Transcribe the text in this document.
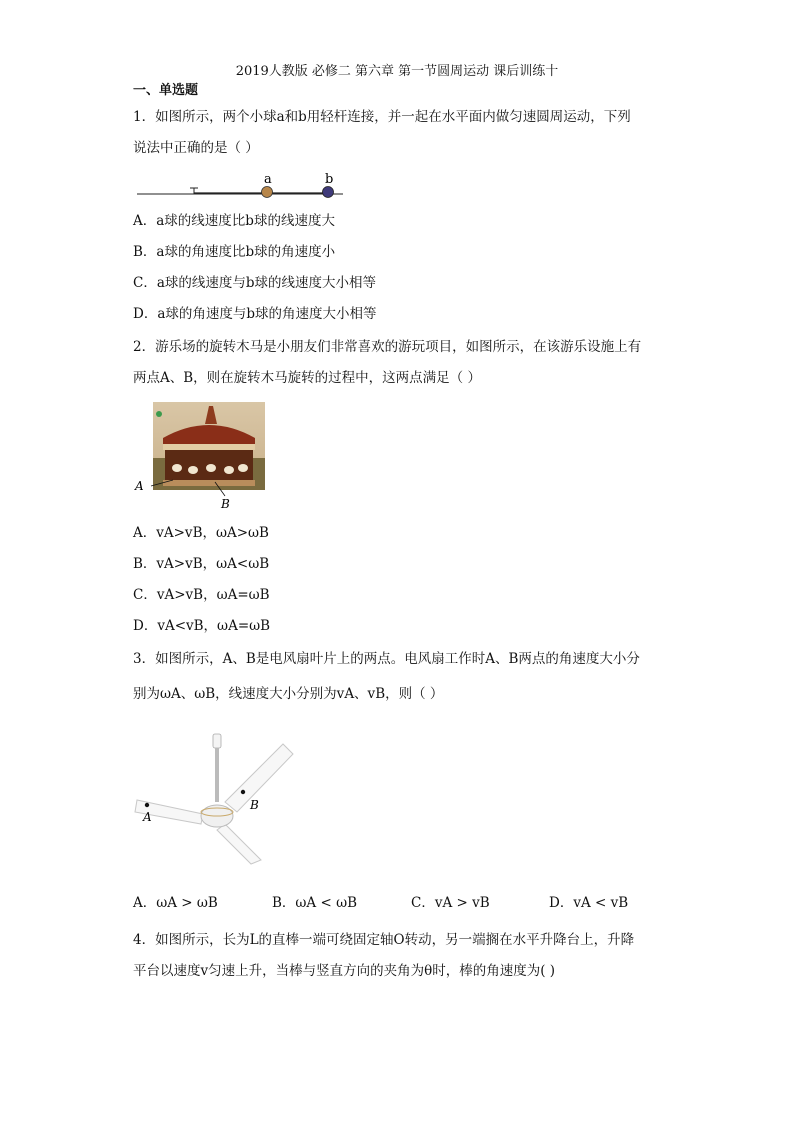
2019人教版 必修二 第六章 第一节圆周运动 课后训练十
一、单选题
1．如图所示，两个小球a和b用轻杆连接，并一起在水平面内做匀速圆周运动，下列
说法中正确的是（ ）
a	b
A．a球的线速度比b球的线速度大
B．a球的角速度比b球的角速度小
C．a球的线速度与b球的线速度大小相等
D．a球的角速度与b球的角速度大小相等
2．游乐场的旋转木马是小朋友们非常喜欢的游玩项目，如图所示，在该游乐设施上有
两点A、B，则在旋转木马旋转的过程中，这两点满足（ ）
A
B
A．vA>vB，ωA>ωB
B．vA>vB，ωA<ωB
C．vA>vB，ωA=ωB
D．vA<vB，ωA=ωB
3．如图所示，A、B是电风扇叶片上的两点。电风扇工作时A、B两点的角速度大小分
别为ωA、ωB，线速度大小分别为vA、vB，则（ ）
A
B
A．ωA > ωB	B．ωA < ωB	C．vA > vB	D．vA < vB
4．如图所示，长为L的直棒一端可绕固定轴O转动，另一端搁在水平升降台上，升降
平台以速度v匀速上升，当棒与竖直方向的夹角为θ时，棒的角速度为( )
